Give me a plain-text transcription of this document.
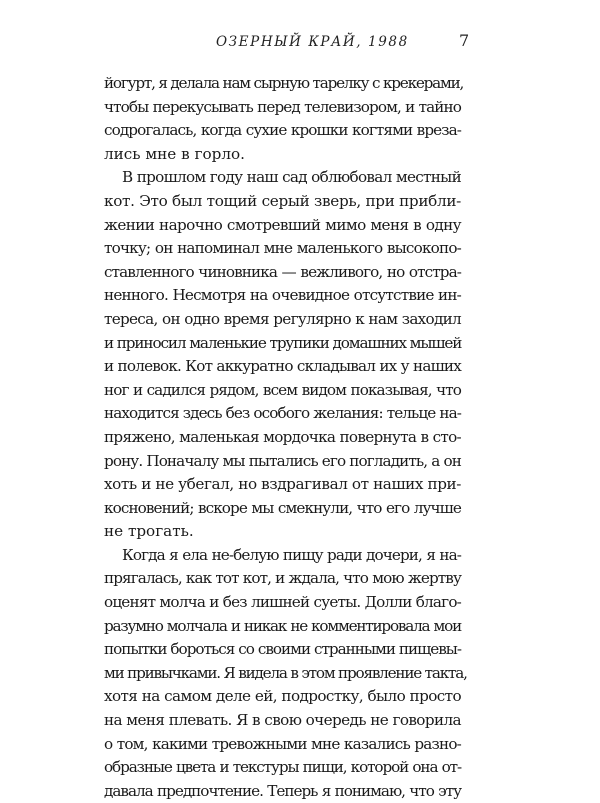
ОЗЕРНЫЙ КРАЙ, 1988	7
йогурт, я делала нам сырную тарелку с крекерами,
чтобы перекусывать перед телевизором, и тайно
содрогалась, когда сухие крошки когтями вреза-
лись мне в горло.
В прошлом году наш сад облюбовал местный
кот. Это был тощий серый зверь, при прибли-
жении нарочно смотревший мимо меня в одну
точку; он напоминал мне маленького высокопо-
ставленного чиновника — вежливого, но отстра-
ненного. Несмотря на очевидное отсутствие ин-
тереса, он одно время регулярно к нам заходил
и приносил маленькие трупики домашних мышей
и полевок. Кот аккуратно складывал их у наших
ног и садился рядом, всем видом показывая, что
находится здесь без особого желания: тельце на-
пряжено, маленькая мордочка повернута в сто-
рону. Поначалу мы пытались его погладить, а он
хоть и не убегал, но вздрагивал от наших при-
косновений; вскоре мы смекнули, что его лучше
не трогать.
Когда я ела не-белую пищу ради дочери, я на-
прягалась, как тот кот, и ждала, что мою жертву
оценят молча и без лишней суеты. Долли благо-
разумно молчала и никак не комментировала мои
попытки бороться со своими странными пищевы-
ми привычками. Я видела в этом проявление такта,
хотя на самом деле ей, подростку, было просто
на меня плевать. Я в свою очередь не говорила
о том, какими тревожными мне казались разно-
образные цвета и текстуры пищи, которой она от-
давала предпочтение. Теперь я понимаю, что эту
